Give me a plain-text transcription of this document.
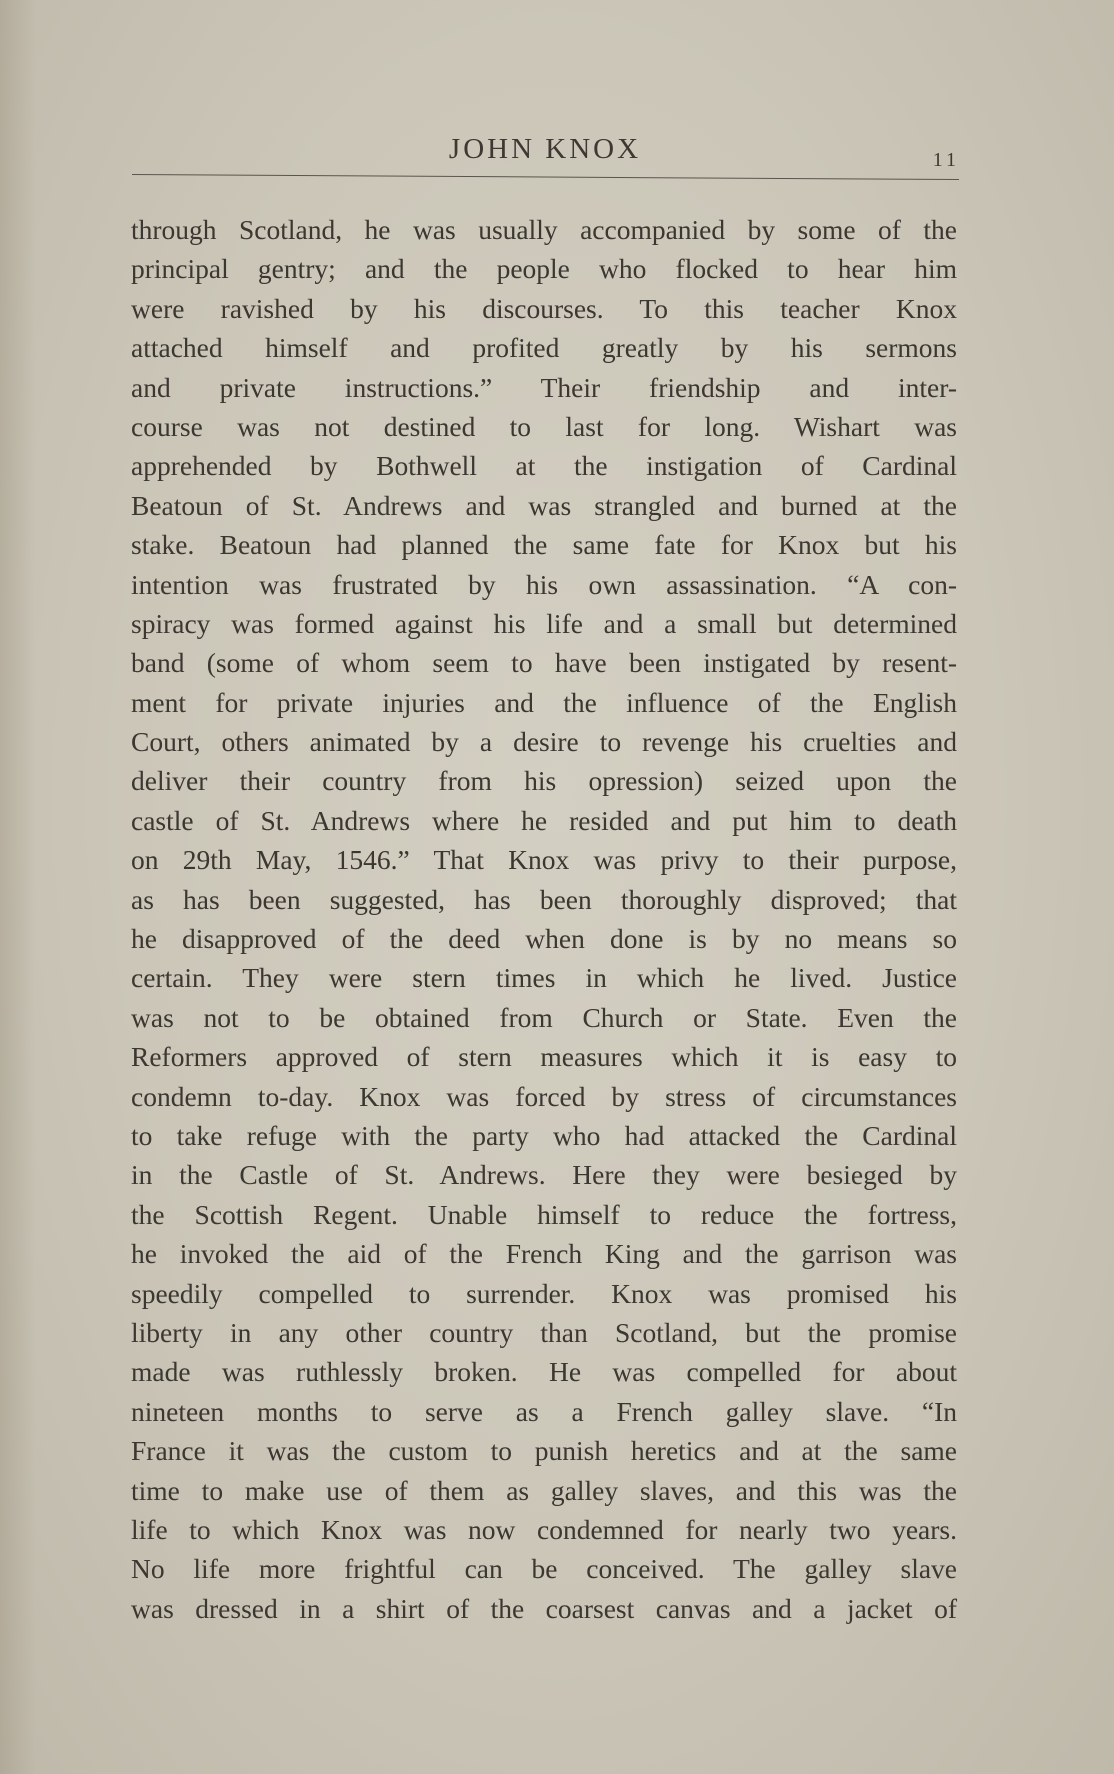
JOHN KNOX	11
through Scotland, he was usually accompanied by some of the
principal gentry; and the people who flocked to hear him
were ravished by his discourses. To this teacher Knox
attached himself and profited greatly by his sermons
and private instructions.” Their friendship and inter-
course was not destined to last for long. Wishart was
apprehended by Bothwell at the instigation of Cardinal
Beatoun of St. Andrews and was strangled and burned at the
stake. Beatoun had planned the same fate for Knox but his
intention was frustrated by his own assassination. “A con-
spiracy was formed against his life and a small but determined
band (some of whom seem to have been instigated by resent-
ment for private injuries and the influence of the English
Court, others animated by a desire to revenge his cruelties and
deliver their country from his opression) seized upon the
castle of St. Andrews where he resided and put him to death
on 29th May, 1546.” That Knox was privy to their purpose,
as has been suggested, has been thoroughly disproved; that
he disapproved of the deed when done is by no means so
certain. They were stern times in which he lived. Justice
was not to be obtained from Church or State. Even the
Reformers approved of stern measures which it is easy to
condemn to-day. Knox was forced by stress of circumstances
to take refuge with the party who had attacked the Cardinal
in the Castle of St. Andrews. Here they were besieged by
the Scottish Regent. Unable himself to reduce the fortress,
he invoked the aid of the French King and the garrison was
speedily compelled to surrender. Knox was promised his
liberty in any other country than Scotland, but the promise
made was ruthlessly broken. He was compelled for about
nineteen months to serve as a French galley slave. “In
France it was the custom to punish heretics and at the same
time to make use of them as galley slaves, and this was the
life to which Knox was now condemned for nearly two years.
No life more frightful can be conceived. The galley slave
was dressed in a shirt of the coarsest canvas and a jacket of
